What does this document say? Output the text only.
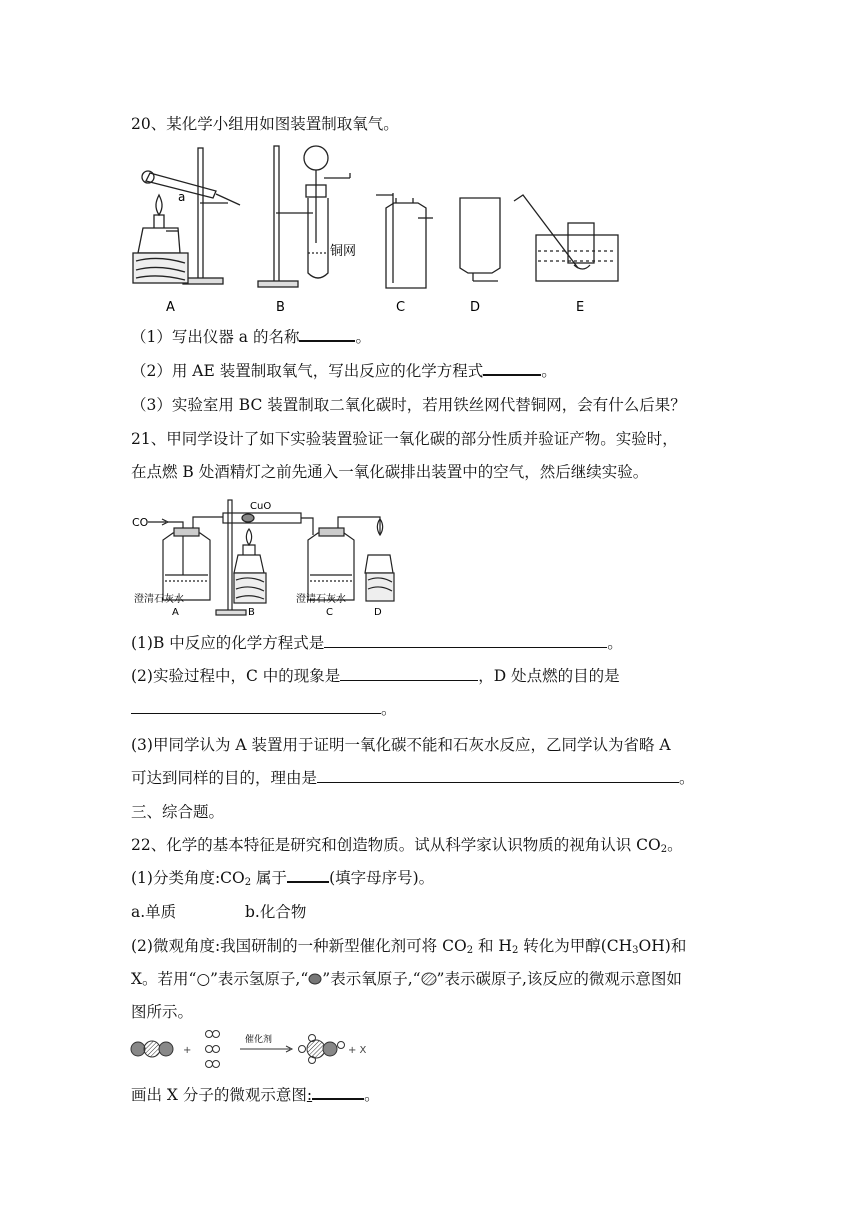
20、某化学小组用如图装置制取氧气。
a
铜网
A	B	C	D	E
（1）写出仪器 a 的名称	。
（2）用 AE 装置制取氧气，写出反应的化学方程式	。
（3）实验室用 BC 装置制取二氧化碳时，若用铁丝网代替铜网，会有什么后果？
21、甲同学设计了如下实验装置验证一氧化碳的部分性质并验证产物。实验时，
在点燃 B 处酒精灯之前先通入一氧化碳排出装置中的空气，然后继续实验。
CO
CuO
澄清石灰水	澄清石灰水
A	B	C	D
(1)B 中反应的化学方程式是	。
(2)实验过程中，C 中的现象是	，D 处点燃的目的是
。
(3)甲同学认为 A 装置用于证明一氧化碳不能和石灰水反应，乙同学认为省略 A
可达到同样的目的，理由是	。
三、综合题。
22、化学的基本特征是研究和创造物质。试从科学家认识物质的视角认识 $CO_2$。
(1)分类角度$:CO_2$ 属于	(填字母序号)。
a.单质	b.化合物
(2)微观角度:我国研制的一种新型催化剂可将 $CO_2$ 和 $H_2$ 转化为甲醇$(CH_3OH)$和
X。若用“○”表示氢原子,“ ”表示氧原子,“ ”表示碳原子,该反应的微观示意图如
图所示。
+
催化剂
+ X
画出 X 分子的微观示意图:	。
